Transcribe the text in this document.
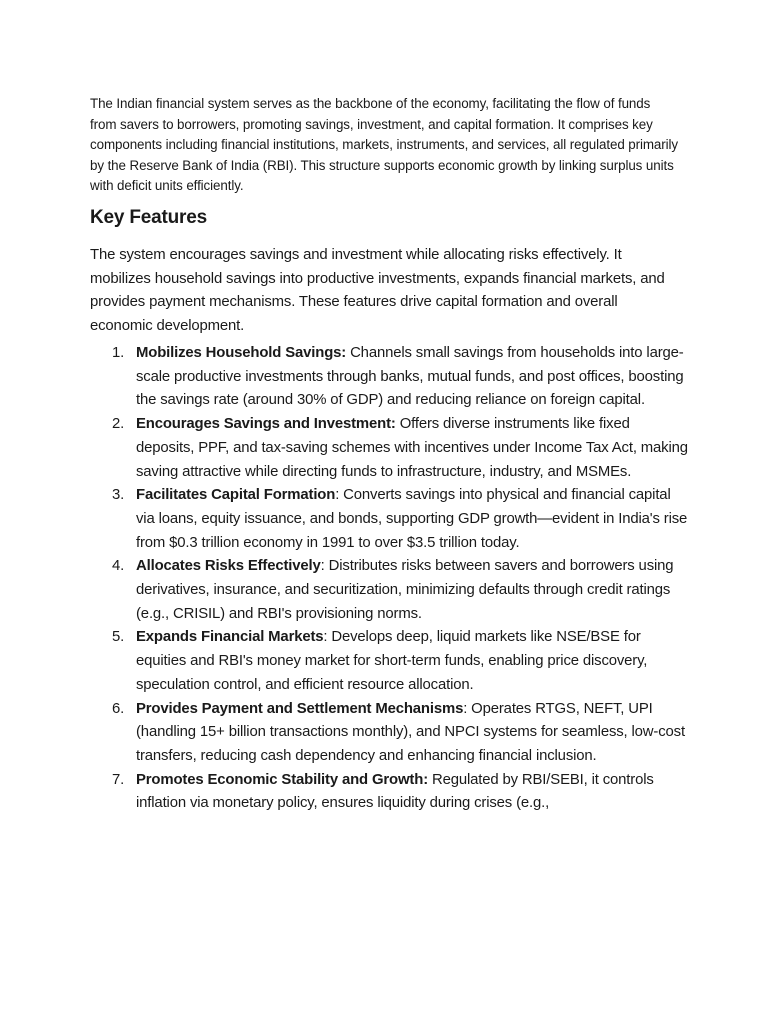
The Indian financial system serves as the backbone of the economy, facilitating the flow of funds from savers to borrowers, promoting savings, investment, and capital formation. It comprises key components including financial institutions, markets, instruments, and services, all regulated primarily by the Reserve Bank of India (RBI). This structure supports economic growth by linking surplus units with deficit units efficiently.

Key Features

The system encourages savings and investment while allocating risks effectively. It mobilizes household savings into productive investments, expands financial markets, and provides payment mechanisms. These features drive capital formation and overall economic development.

1. Mobilizes Household Savings: Channels small savings from households into large-scale productive investments through banks, mutual funds, and post offices, boosting the savings rate (around 30% of GDP) and reducing reliance on foreign capital.
2. Encourages Savings and Investment: Offers diverse instruments like fixed deposits, PPF, and tax-saving schemes with incentives under Income Tax Act, making saving attractive while directing funds to infrastructure, industry, and MSMEs.
3. Facilitates Capital Formation: Converts savings into physical and financial capital via loans, equity issuance, and bonds, supporting GDP growth—evident in India's rise from $0.3 trillion economy in 1991 to over $3.5 trillion today.
4. Allocates Risks Effectively: Distributes risks between savers and borrowers using derivatives, insurance, and securitization, minimizing defaults through credit ratings (e.g., CRISIL) and RBI's provisioning norms.
5. Expands Financial Markets: Develops deep, liquid markets like NSE/BSE for equities and RBI's money market for short-term funds, enabling price discovery, speculation control, and efficient resource allocation.
6. Provides Payment and Settlement Mechanisms: Operates RTGS, NEFT, UPI (handling 15+ billion transactions monthly), and NPCI systems for seamless, low-cost transfers, reducing cash dependency and enhancing financial inclusion.
7. Promotes Economic Stability and Growth: Regulated by RBI/SEBI, it controls inflation via monetary policy, ensures liquidity during crises (e.g.,
